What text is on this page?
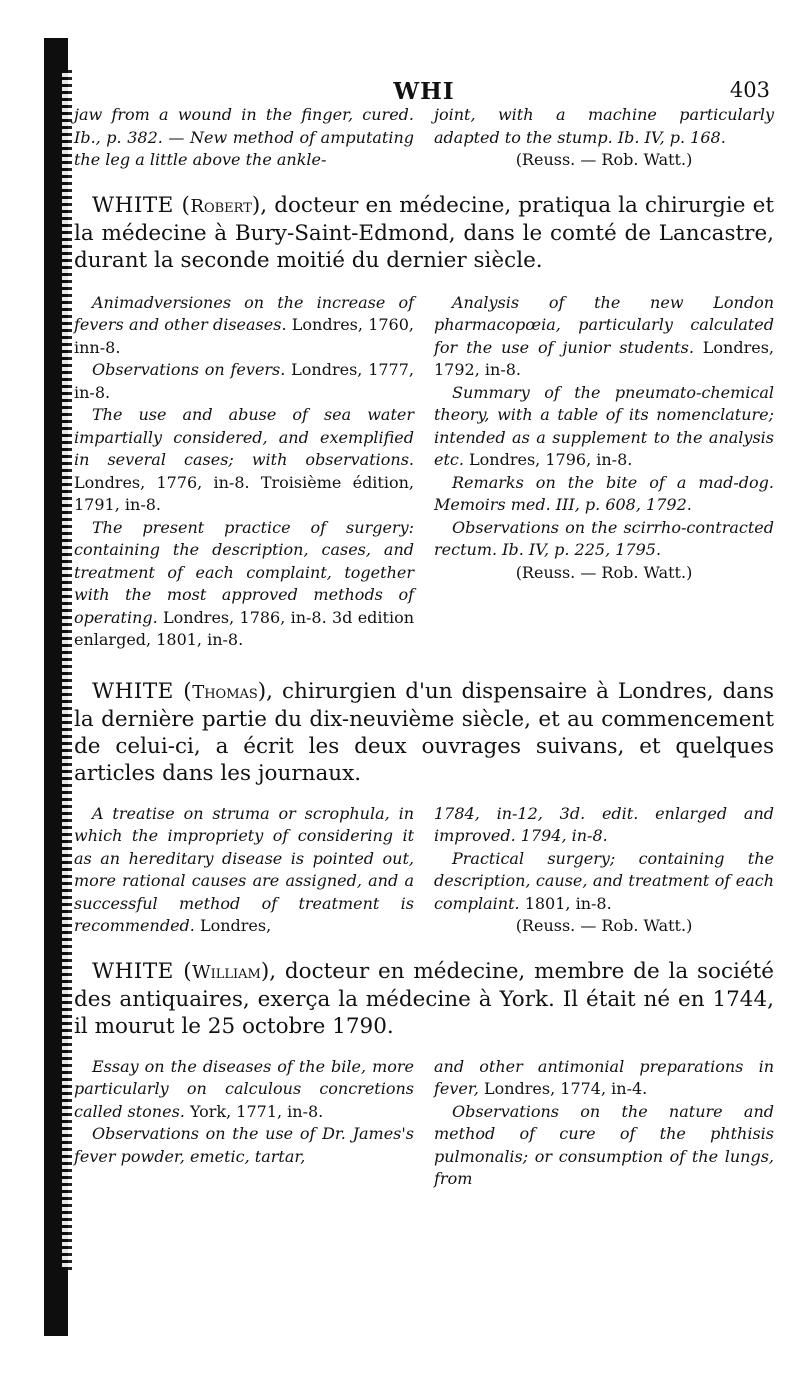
WHI	403

jaw from a wound in the finger, cured. Ib., p. 382. — New method of amputating the leg a little above the ankle-

joint, with a machine particularly adapted to the stump. Ib. IV, p. 168.

(Reuss. — Rob. Watt.)

WHITE (Robert), docteur en médecine, pratiqua la chirurgie et la médecine à Bury-Saint-Edmond, dans le comté de Lancastre, durant la seconde moitié du dernier siècle.

Animadversiones on the increase of fevers and other diseases. Londres, 1760, inn-8.

Observations on fevers. Londres, 1777, in-8.

The use and abuse of sea water impartially considered, and exemplified in several cases; with observations. Londres, 1776, in-8. Troisième édition, 1791, in-8.

The present practice of surgery: containing the description, cases, and treatment of each complaint, together with the most approved methods of operating. Londres, 1786, in-8. 3d edition enlarged, 1801, in-8.

Analysis of the new London pharmacopœia, particularly calculated for the use of junior students. Londres, 1792, in-8.

Summary of the pneumato-chemical theory, with a table of its nomenclature; intended as a supplement to the analysis etc. Londres, 1796, in-8.

Remarks on the bite of a mad-dog. Memoirs med. III, p. 608, 1792.

Observations on the scirrho-contracted rectum. Ib. IV, p. 225, 1795.

(Reuss. — Rob. Watt.)

WHITE (Thomas), chirurgien d'un dispensaire à Londres, dans la dernière partie du dix-neuvième siècle, et au commencement de celui-ci, a écrit les deux ouvrages suivans, et quelques articles dans les journaux.

A treatise on struma or scrophula, in which the impropriety of considering it as an hereditary disease is pointed out, more rational causes are assigned, and a successful method of treatment is recommended. Londres,

1784, in-12, 3d. edit. enlarged and improved. 1794, in-8.

Practical surgery; containing the description, cause, and treatment of each complaint. 1801, in-8.

(Reuss. — Rob. Watt.)

WHITE (William), docteur en médecine, membre de la société des antiquaires, exerça la médecine à York. Il était né en 1744, il mourut le 25 octobre 1790.

Essay on the diseases of the bile, more particularly on calculous concretions called stones. York, 1771, in-8.

Observations on the use of Dr. James's fever powder, emetic, tartar,

and other antimonial preparations in fever, Londres, 1774, in-4.

Observations on the nature and method of cure of the phthisis pulmonalis; or consumption of the lungs, from
